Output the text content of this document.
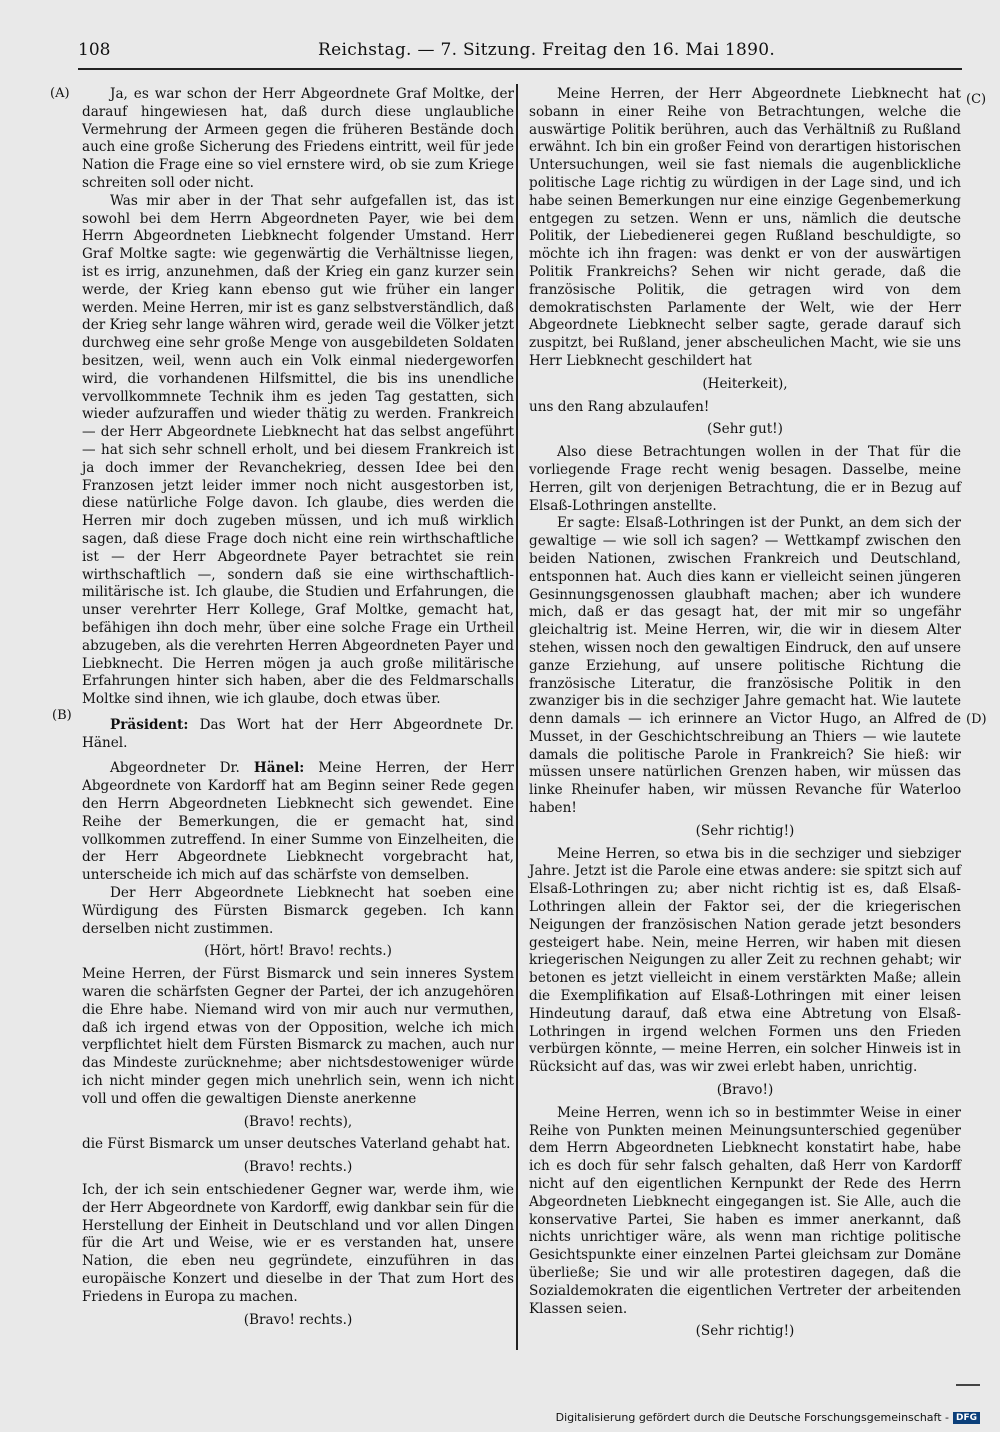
108	Reichstag. — 7. Sitzung. Freitag den 16. Mai 1890.
(A)
(B)
(C)
(D)

Ja, es war schon der Herr Abgeordnete Graf Moltke, der darauf hingewiesen hat, daß durch diese unglaubliche Vermehrung der Armeen gegen die früheren Bestände doch auch eine große Sicherung des Friedens eintritt, weil für jede Nation die Frage eine so viel ernstere wird, ob sie zum Kriege schreiten soll oder nicht.

Was mir aber in der That sehr aufgefallen ist, das ist sowohl bei dem Herrn Abgeordneten Payer, wie bei dem Herrn Abgeordneten Liebknecht folgender Umstand. Herr Graf Moltke sagte: wie gegenwärtig die Verhältnisse liegen, ist es irrig, anzunehmen, daß der Krieg ein ganz kurzer sein werde, der Krieg kann ebenso gut wie früher ein langer werden. Meine Herren, mir ist es ganz selbstverständlich, daß der Krieg sehr lange währen wird, gerade weil die Völker jetzt durchweg eine sehr große Menge von ausgebildeten Soldaten besitzen, weil, wenn auch ein Volk einmal niedergeworfen wird, die vorhandenen Hilfsmittel, die bis ins unendliche vervollkommnete Technik ihm es jeden Tag gestatten, sich wieder aufzuraffen und wieder thätig zu werden. Frankreich — der Herr Abgeordnete Liebknecht hat das selbst angeführt — hat sich sehr schnell erholt, und bei diesem Frankreich ist ja doch immer der Revanchekrieg, dessen Idee bei den Franzosen jetzt leider immer noch nicht ausgestorben ist, diese natürliche Folge davon. Ich glaube, dies werden die Herren mir doch zugeben müssen, und ich muß wirklich sagen, daß diese Frage doch nicht eine rein wirthschaftliche ist — der Herr Abgeordnete Payer betrachtet sie rein wirthschaftlich —, sondern daß sie eine wirthschaftlich-militärische ist. Ich glaube, die Studien und Erfahrungen, die unser verehrter Herr Kollege, Graf Moltke, gemacht hat, befähigen ihn doch mehr, über eine solche Frage ein Urtheil abzugeben, als die verehrten Herren Abgeordneten Payer und Liebknecht. Die Herren mögen ja auch große militärische Erfahrungen hinter sich haben, aber die des Feldmarschalls Moltke sind ihnen, wie ich glaube, doch etwas über.

Präsident: Das Wort hat der Herr Abgeordnete Dr. Hänel.

Abgeordneter Dr. Hänel: Meine Herren, der Herr Abgeordnete von Kardorff hat am Beginn seiner Rede gegen den Herrn Abgeordneten Liebknecht sich gewendet. Eine Reihe der Bemerkungen, die er gemacht hat, sind vollkommen zutreffend. In einer Summe von Einzelheiten, die der Herr Abgeordnete Liebknecht vorgebracht hat, unterscheide ich mich auf das schärfste von demselben.

Der Herr Abgeordnete Liebknecht hat soeben eine Würdigung des Fürsten Bismarck gegeben. Ich kann derselben nicht zustimmen.

(Hört, hört! Bravo! rechts.)

Meine Herren, der Fürst Bismarck und sein inneres System waren die schärfsten Gegner der Partei, der ich anzugehören die Ehre habe. Niemand wird von mir auch nur vermuthen, daß ich irgend etwas von der Opposition, welche ich mich verpflichtet hielt dem Fürsten Bismarck zu machen, auch nur das Mindeste zurücknehme; aber nichtsdestoweniger würde ich nicht minder gegen mich unehrlich sein, wenn ich nicht voll und offen die gewaltigen Dienste anerkenne

(Bravo! rechts),

die Fürst Bismarck um unser deutsches Vaterland gehabt hat.

(Bravo! rechts.)

Ich, der ich sein entschiedener Gegner war, werde ihm, wie der Herr Abgeordnete von Kardorff, ewig dankbar sein für die Herstellung der Einheit in Deutschland und vor allen Dingen für die Art und Weise, wie er es verstanden hat, unsere Nation, die eben neu gegründete, einzuführen in das europäische Konzert und dieselbe in der That zum Hort des Friedens in Europa zu machen.

(Bravo! rechts.)

Meine Herren, der Herr Abgeordnete Liebknecht hat sobann in einer Reihe von Betrachtungen, welche die auswärtige Politik berühren, auch das Verhältniß zu Rußland erwähnt. Ich bin ein großer Feind von derartigen historischen Untersuchungen, weil sie fast niemals die augenblickliche politische Lage richtig zu würdigen in der Lage sind, und ich habe seinen Bemerkungen nur eine einzige Gegenbemerkung entgegen zu setzen. Wenn er uns, nämlich die deutsche Politik, der Liebedienerei gegen Rußland beschuldigte, so möchte ich ihn fragen: was denkt er von der auswärtigen Politik Frankreichs? Sehen wir nicht gerade, daß die französische Politik, die getragen wird von dem demokratischsten Parlamente der Welt, wie der Herr Abgeordnete Liebknecht selber sagte, gerade darauf sich zuspitzt, bei Rußland, jener abscheulichen Macht, wie sie uns Herr Liebknecht geschildert hat

(Heiterkeit),

uns den Rang abzulaufen!

(Sehr gut!)

Also diese Betrachtungen wollen in der That für die vorliegende Frage recht wenig besagen. Dasselbe, meine Herren, gilt von derjenigen Betrachtung, die er in Bezug auf Elsaß-Lothringen anstellte.

Er sagte: Elsaß-Lothringen ist der Punkt, an dem sich der gewaltige — wie soll ich sagen? — Wettkampf zwischen den beiden Nationen, zwischen Frankreich und Deutschland, entsponnen hat. Auch dies kann er vielleicht seinen jüngeren Gesinnungsgenossen glaubhaft machen; aber ich wundere mich, daß er das gesagt hat, der mit mir so ungefähr gleichaltrig ist. Meine Herren, wir, die wir in diesem Alter stehen, wissen noch den gewaltigen Eindruck, den auf unsere ganze Erziehung, auf unsere politische Richtung die französische Literatur, die französische Politik in den zwanziger bis in die sechziger Jahre gemacht hat. Wie lautete denn damals — ich erinnere an Victor Hugo, an Alfred de Musset, in der Geschichtschreibung an Thiers — wie lautete damals die politische Parole in Frankreich? Sie hieß: wir müssen unsere natürlichen Grenzen haben, wir müssen das linke Rheinufer haben, wir müssen Revanche für Waterloo haben!

(Sehr richtig!)

Meine Herren, so etwa bis in die sechziger und siebziger Jahre. Jetzt ist die Parole eine etwas andere: sie spitzt sich auf Elsaß-Lothringen zu; aber nicht richtig ist es, daß Elsaß-Lothringen allein der Faktor sei, der die kriegerischen Neigungen der französischen Nation gerade jetzt besonders gesteigert habe. Nein, meine Herren, wir haben mit diesen kriegerischen Neigungen zu aller Zeit zu rechnen gehabt; wir betonen es jetzt vielleicht in einem verstärkten Maße; allein die Exemplifikation auf Elsaß-Lothringen mit einer leisen Hindeutung darauf, daß etwa eine Abtretung von Elsaß-Lothringen in irgend welchen Formen uns den Frieden verbürgen könnte, — meine Herren, ein solcher Hinweis ist in Rücksicht auf das, was wir zwei erlebt haben, unrichtig.

(Bravo!)

Meine Herren, wenn ich so in bestimmter Weise in einer Reihe von Punkten meinen Meinungsunterschied gegenüber dem Herrn Abgeordneten Liebknecht konstatirt habe, habe ich es doch für sehr falsch gehalten, daß Herr von Kardorff nicht auf den eigentlichen Kernpunkt der Rede des Herrn Abgeordneten Liebknecht eingegangen ist. Sie Alle, auch die konservative Partei, Sie haben es immer anerkannt, daß nichts unrichtiger wäre, als wenn man richtige politische Gesichtspunkte einer einzelnen Partei gleichsam zur Domäne überließe; Sie und wir alle protestiren dagegen, daß die Sozialdemokraten die eigentlichen Vertreter der arbeitenden Klassen seien.

(Sehr richtig!)

Digitalisierung gefördert durch die Deutsche Forschungsgemeinschaft - DFG
